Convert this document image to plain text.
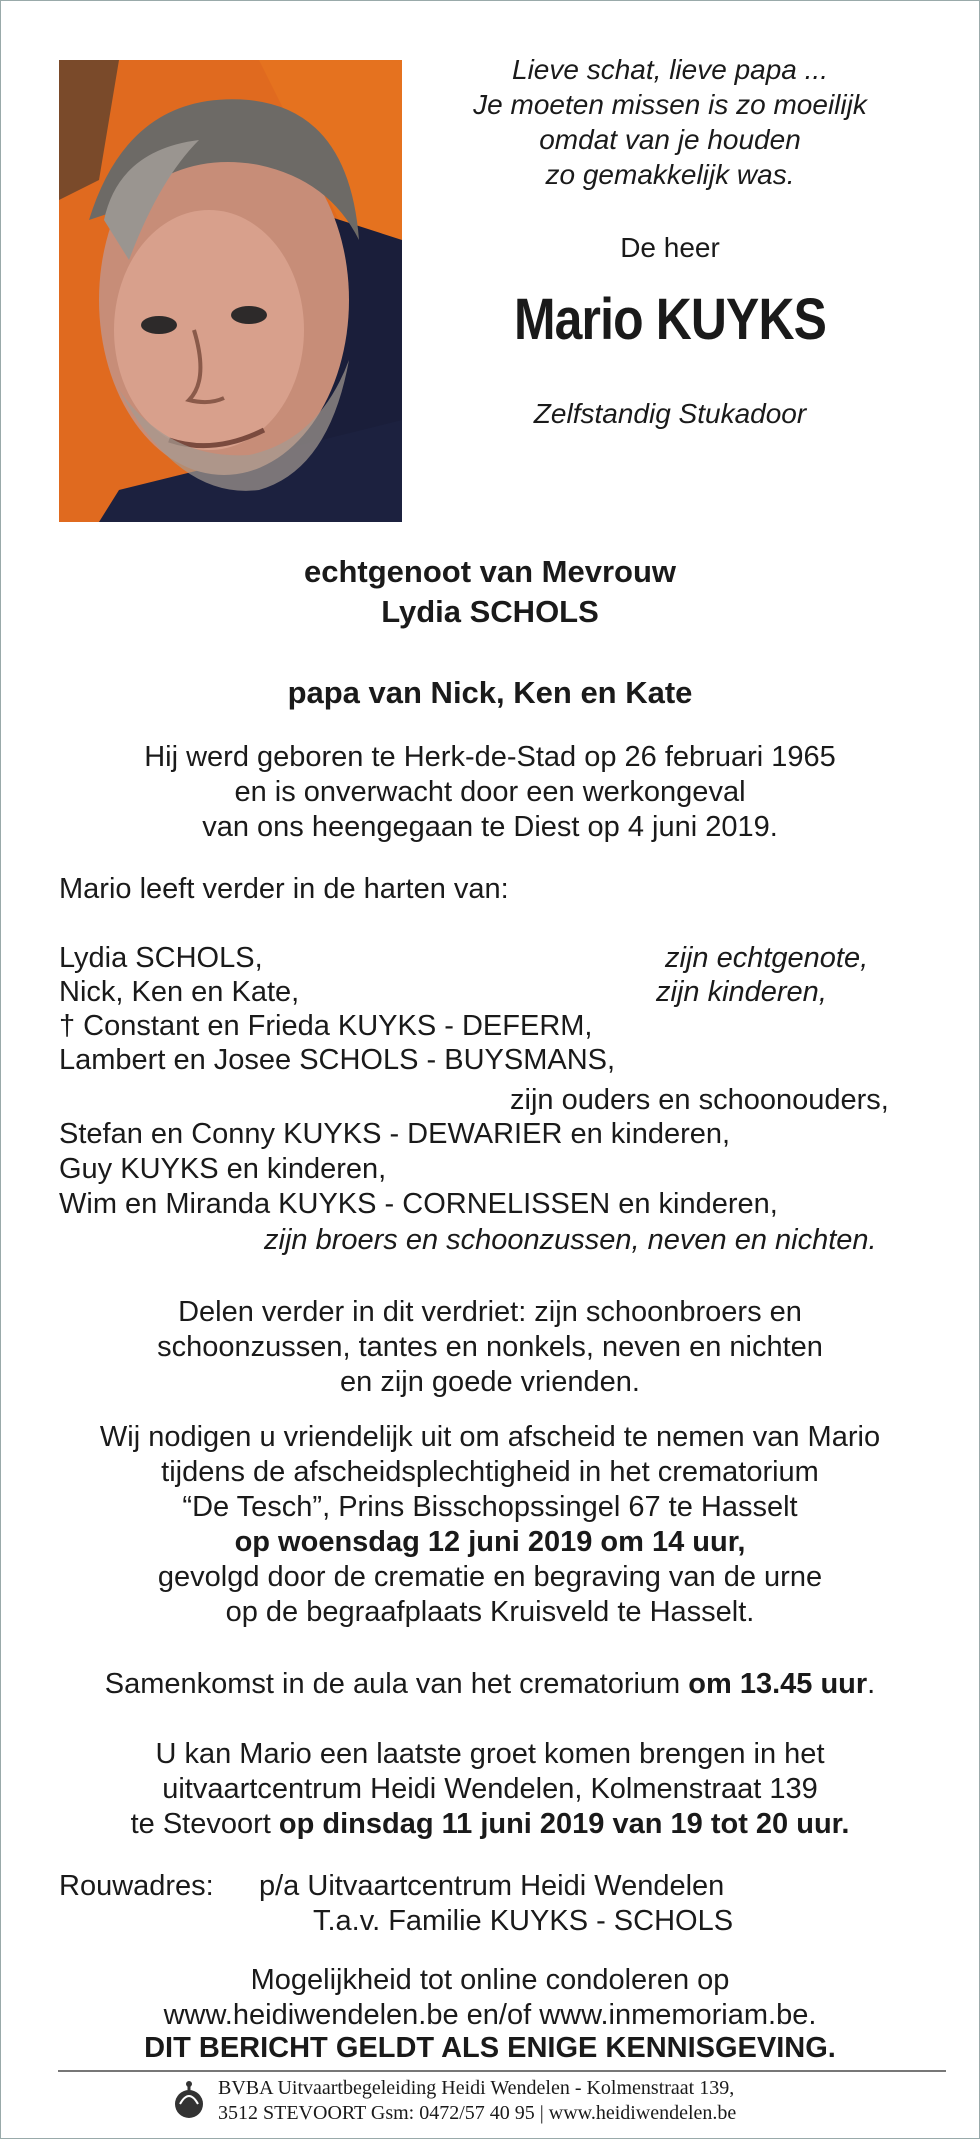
Lieve schat, lieve papa ...
Je moeten missen is zo moeilijk
omdat van je houden
zo gemakkelijk was.
De heer
Mario KUYKS
Zelfstandig Stukadoor
echtgenoot van Mevrouw
Lydia SCHOLS
papa van Nick, Ken en Kate
Hij werd geboren te Herk-de-Stad op 26 februari 1965
en is onverwacht door een werkongeval
van ons heengegaan te Diest op 4 juni 2019.
Mario leeft verder in de harten van:
Lydia SCHOLS,	zijn echtgenote,
Nick, Ken en Kate,	zijn kinderen,
† Constant en Frieda KUYKS - DEFERM,
Lambert en Josee SCHOLS - BUYSMANS,
zijn ouders en schoonouders,
Stefan en Conny KUYKS - DEWARIER en kinderen,
Guy KUYKS en kinderen,
Wim en Miranda KUYKS - CORNELISSEN en kinderen,
zijn broers en schoonzussen, neven en nichten.
Delen verder in dit verdriet: zijn schoonbroers en
schoonzussen, tantes en nonkels, neven en nichten
en zijn goede vrienden.
Wij nodigen u vriendelijk uit om afscheid te nemen van Mario
tijdens de afscheidsplechtigheid in het crematorium
“De Tesch”, Prins Bisschopssingel 67 te Hasselt
op woensdag 12 juni 2019 om 14 uur,
gevolgd door de crematie en begraving van de urne
op de begraafplaats Kruisveld te Hasselt.
Samenkomst in de aula van het crematorium om 13.45 uur.
U kan Mario een laatste groet komen brengen in het
uitvaartcentrum Heidi Wendelen, Kolmenstraat 139
te Stevoort op dinsdag 11 juni 2019 van 19 tot 20 uur.
Rouwadres: p/a Uitvaartcentrum Heidi Wendelen
T.a.v. Familie KUYKS - SCHOLS
Mogelijkheid tot online condoleren op
www.heidiwendelen.be en/of www.inmemoriam.be.
DIT BERICHT GELDT ALS ENIGE KENNISGEVING.
BVBA Uitvaartbegeleiding Heidi Wendelen - Kolmenstraat 139,
3512 STEVOORT Gsm: 0472/57 40 95 | www.heidiwendelen.be
